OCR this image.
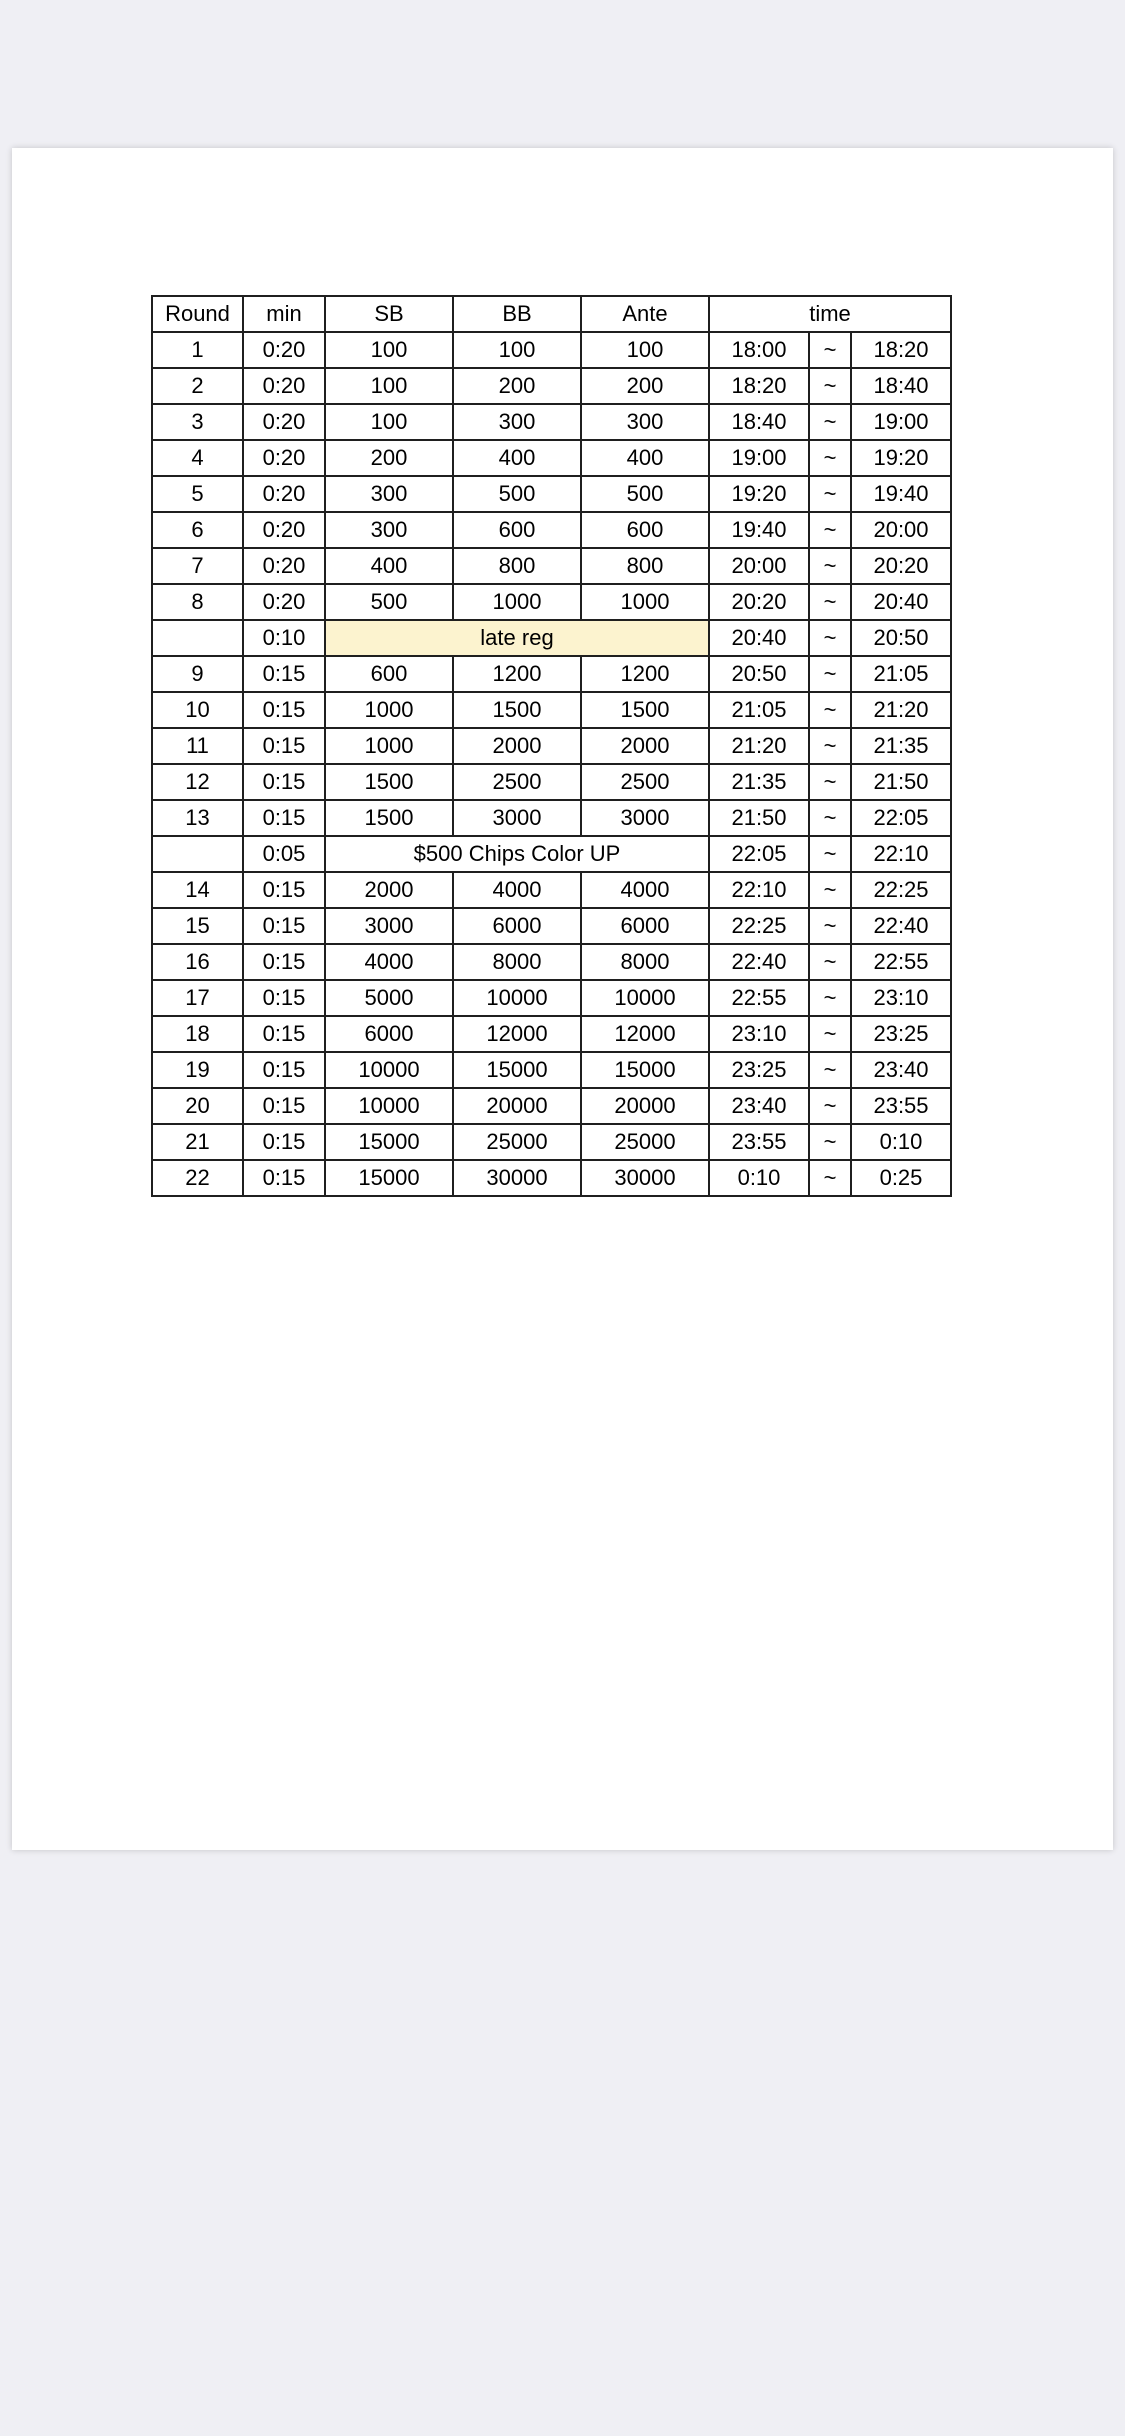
Round	min	SB	BB	Ante	time		
1	0:20	100	100	100	18:00	~	18:20
2	0:20	100	200	200	18:20	~	18:40
3	0:20	100	300	300	18:40	~	19:00
4	0:20	200	400	400	19:00	~	19:20
5	0:20	300	500	500	19:20	~	19:40
6	0:20	300	600	600	19:40	~	20:00
7	0:20	400	800	800	20:00	~	20:20
8	0:20	500	1000	1000	20:20	~	20:40
	0:10	late reg			20:40	~	20:50
9	0:15	600	1200	1200	20:50	~	21:05
10	0:15	1000	1500	1500	21:05	~	21:20
11	0:15	1000	2000	2000	21:20	~	21:35
12	0:15	1500	2500	2500	21:35	~	21:50
13	0:15	1500	3000	3000	21:50	~	22:05
	0:05	$500 Chips Color UP			22:05	~	22:10
14	0:15	2000	4000	4000	22:10	~	22:25
15	0:15	3000	6000	6000	22:25	~	22:40
16	0:15	4000	8000	8000	22:40	~	22:55
17	0:15	5000	10000	10000	22:55	~	23:10
18	0:15	6000	12000	12000	23:10	~	23:25
19	0:15	10000	15000	15000	23:25	~	23:40
20	0:15	10000	20000	20000	23:40	~	23:55
21	0:15	15000	25000	25000	23:55	~	0:10
22	0:15	15000	30000	30000	0:10	~	0:25
